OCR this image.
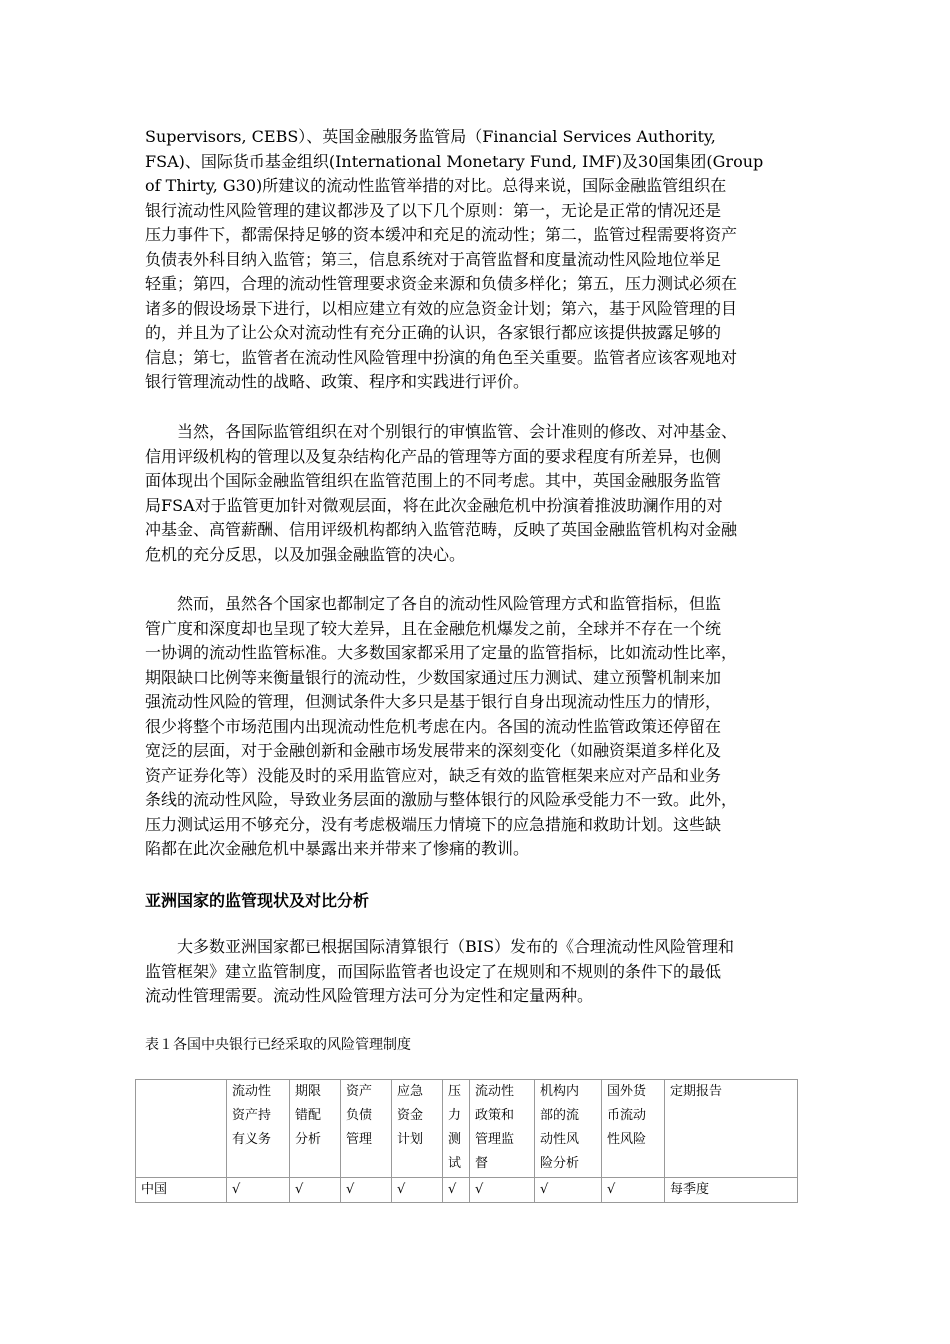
Supervisors, CEBS）、英国金融服务监管局（Financial Services Authority,
FSA)、国际货币基金组织(International Monetary Fund, IMF)及30国集团(Group
of Thirty, G30)所建议的流动性监管举措的对比。总得来说，国际金融监管组织在
银行流动性风险管理的建议都涉及了以下几个原则：第一，无论是正常的情况还是
压力事件下，都需保持足够的资本缓冲和充足的流动性；第二，监管过程需要将资产
负债表外科目纳入监管；第三，信息系统对于高管监督和度量流动性风险地位举足
轻重；第四，合理的流动性管理要求资金来源和负债多样化；第五，压力测试必须在
诸多的假设场景下进行，以相应建立有效的应急资金计划；第六，基于风险管理的目
的，并且为了让公众对流动性有充分正确的认识，各家银行都应该提供披露足够的
信息；第七，监管者在流动性风险管理中扮演的角色至关重要。监管者应该客观地对
银行管理流动性的战略、政策、程序和实践进行评价。
　　当然，各国际监管组织在对个别银行的审慎监管、会计准则的修改、对冲基金、
信用评级机构的管理以及复杂结构化产品的管理等方面的要求程度有所差异，也侧
面体现出个国际金融监管组织在监管范围上的不同考虑。其中，英国金融服务监管
局FSA对于监管更加针对微观层面，将在此次金融危机中扮演着推波助澜作用的对
冲基金、高管薪酬、信用评级机构都纳入监管范畴，反映了英国金融监管机构对金融
危机的充分反思，以及加强金融监管的决心。
　　然而，虽然各个国家也都制定了各自的流动性风险管理方式和监管指标，但监
管广度和深度却也呈现了较大差异，且在金融危机爆发之前，全球并不存在一个统
一协调的流动性监管标准。大多数国家都采用了定量的监管指标，比如流动性比率，
期限缺口比例等来衡量银行的流动性，少数国家通过压力测试、建立预警机制来加
强流动性风险的管理，但测试条件大多只是基于银行自身出现流动性压力的情形，
很少将整个市场范围内出现流动性危机考虑在内。各国的流动性监管政策还停留在
宽泛的层面，对于金融创新和金融市场发展带来的深刻变化（如融资渠道多样化及
资产证券化等）没能及时的采用监管应对，缺乏有效的监管框架来应对产品和业务
条线的流动性风险，导致业务层面的激励与整体银行的风险承受能力不一致。此外，
压力测试运用不够充分，没有考虑极端压力情境下的应急措施和救助计划。这些缺
陷都在此次金融危机中暴露出来并带来了惨痛的教训。
亚洲国家的监管现状及对比分析
　　大多数亚洲国家都已根据国际清算银行（BIS）发布的《合理流动性风险管理和
监管框架》建立监管制度，而国际监管者也设定了在规则和不规则的条件下的最低
流动性管理需要。流动性风险管理方法可分为定性和定量两种。

表１各国中央银行已经采取的风险管理制度

	流动性
资产持
有义务	期限
错配
分析	资产
负债
管理	应急
资金
计划	压
力
测
试	流动性
政策和
管理监
督	机构内
部的流
动性风
险分析	国外货
币流动
性风险	定期报告

中国	√	√	√	√	√	√	√	√	每季度
